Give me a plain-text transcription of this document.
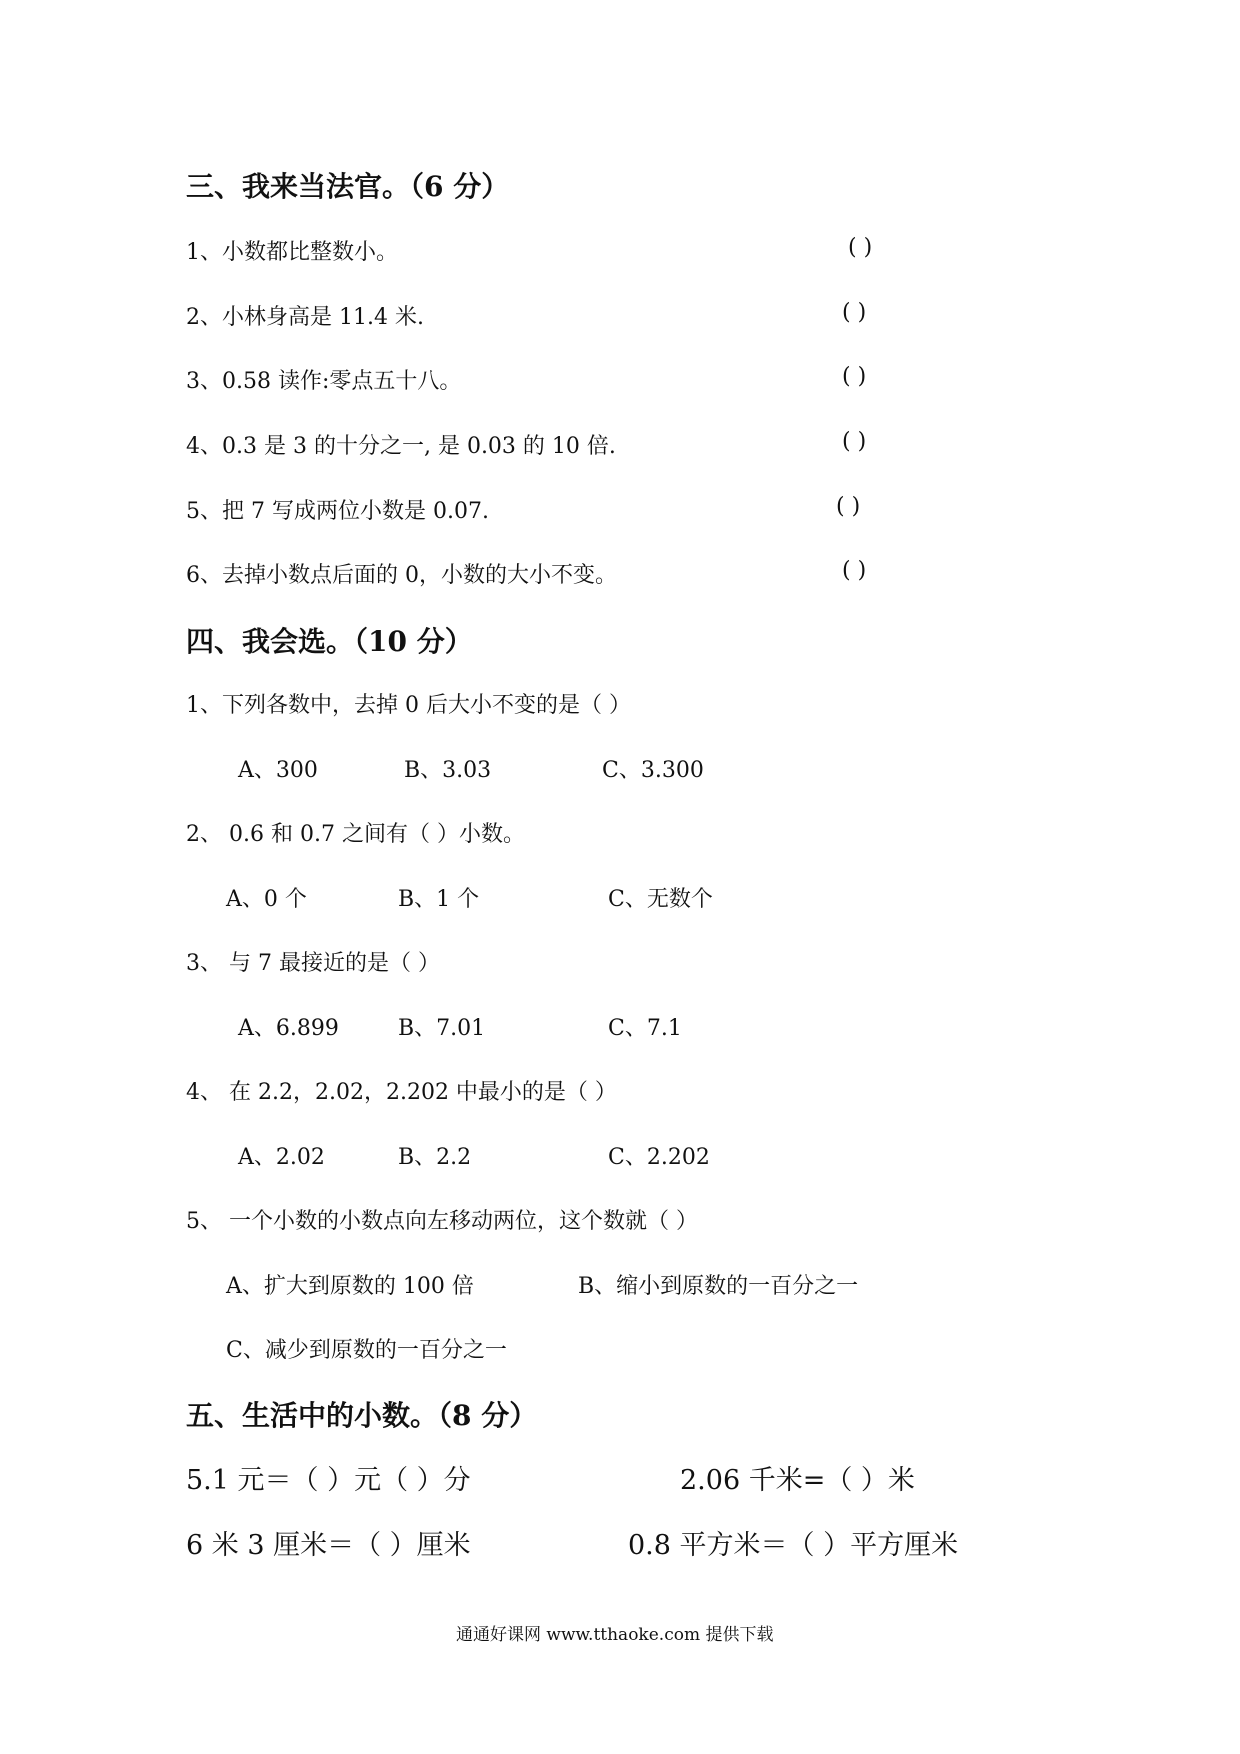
三、我来当法官。（6 分）
1、小数都比整数小。	( )
2、小林身高是 11.4 米.	( )
3、0.58 读作:零点五十八。	( )
4、0.3 是 3 的十分之一, 是 0.03 的 10 倍.	( )
5、把 7 写成两位小数是 0.07.	( )
6、去掉小数点后面的 0，小数的大小不变。	( )
四、我会选。（10 分）
1、下列各数中，去掉 0 后大小不变的是（ ）
A、300	B、3.03	C、3.300
2、 0.6 和 0.7 之间有（ ）小数。
A、0 个	B、1 个	C、无数个
3、 与 7 最接近的是（ ）
A、6.899	B、7.01	C、7.1
4、 在 2.2，2.02，2.202 中最小的是（ ）
A、2.02	B、2.2	C、2.202
5、 一个小数的小数点向左移动两位，这个数就（ ）
A、扩大到原数的 100 倍	B、缩小到原数的一百分之一
C、减少到原数的一百分之一
五、生活中的小数。（8 分）
5.1 元＝（ ）元（ ）分	2.06 千米=（ ）米
6 米 3 厘米＝（ ）厘米	0.8 平方米＝（ ）平方厘米
通通好课网 www.tthaoke.com 提供下载
